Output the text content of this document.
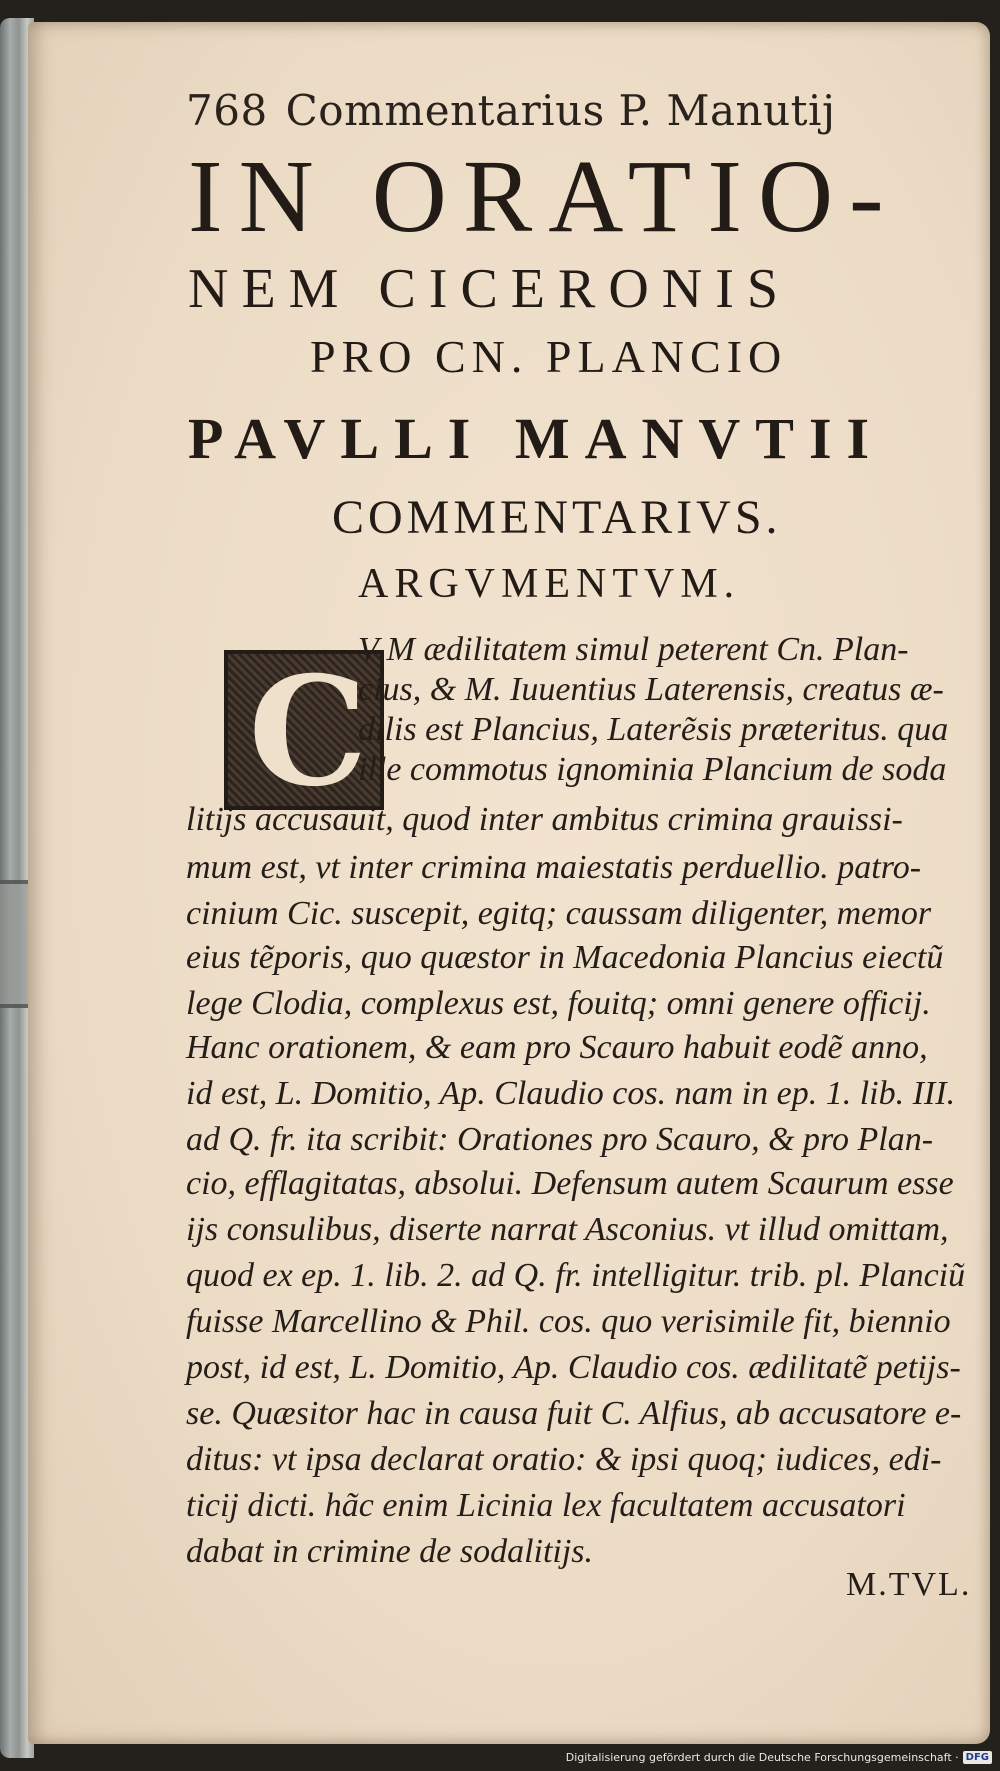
768 Commentarius P. Manutij
IN ORATIO-
NEM CICERONIS
PRO CN. PLANCIO
PAVLLI MANVTII
COMMENTARIVS.
ARGVMENTVM.
C
V M ædilitatem simul peterent Cn. Plan-
cius, & M. Iuuentius Laterensis, creatus æ-
dilis est Plancius, Laterẽsis præteritus. qua
ille commotus ignominia Plancium de soda
litijs accusauit, quod inter ambitus crimina grauissi-
mum est, vt inter crimina maiestatis perduellio. patro-
cinium Cic. suscepit, egitq; caussam diligenter, memor
eius tẽporis, quo quæstor in Macedonia Plancius eiectũ
lege Clodia, complexus est, fouitq; omni genere officij.
Hanc orationem, & eam pro Scauro habuit eodẽ anno,
id est, L. Domitio, Ap. Claudio cos. nam in ep. 1. lib. III.
ad Q. fr. ita scribit: Orationes pro Scauro, & pro Plan-
cio, efflagitatas, absolui. Defensum autem Scaurum esse
ijs consulibus, diserte narrat Asconius. vt illud omittam,
quod ex ep. 1. lib. 2. ad Q. fr. intelligitur. trib. pl. Planciũ
fuisse Marcellino & Phil. cos. quo verisimile fit, biennio
post, id est, L. Domitio, Ap. Claudio cos. ædilitatẽ petijs-
se. Quæsitor hac in causa fuit C. Alfius, ab accusatore e-
ditus: vt ipsa declarat oratio: & ipsi quoq; iudices, edi-
ticij dicti. hãc enim Licinia lex facultatem accusatori
dabat in crimine de sodalitijs.
M.TVL.
Digitalisierung gefördert durch die Deutsche Forschungsgemeinschaft · DFG
